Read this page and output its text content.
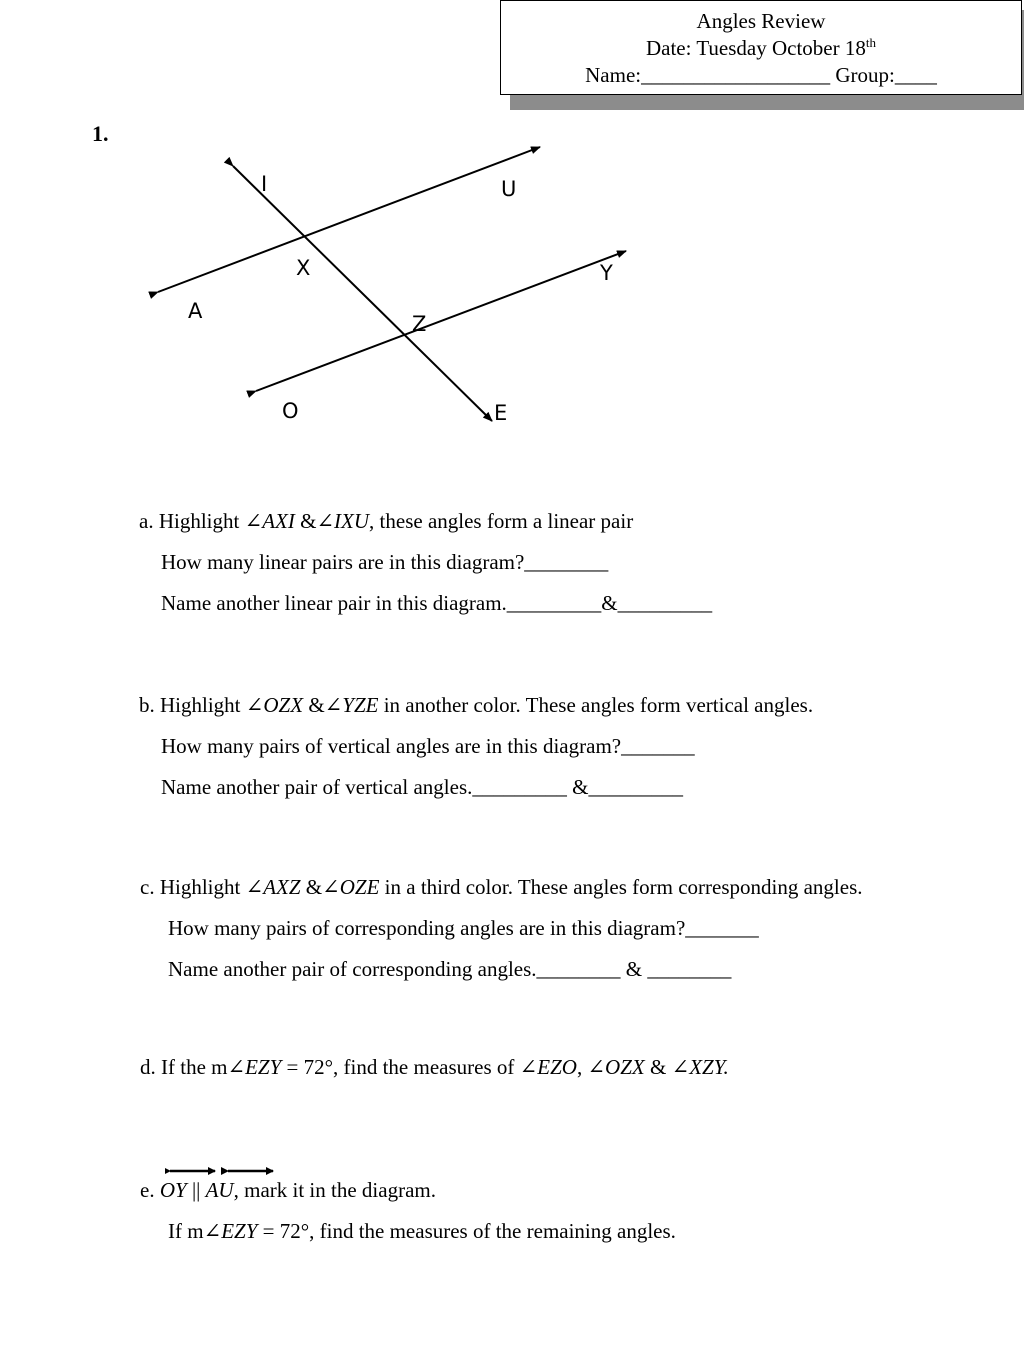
Angles Review
Date: Tuesday October 18th
Name:__________________ Group:____
1.
I	U
X	Y
A
Z
O	E
a. Highlight ∠AXI &∠IXU, these angles form a linear pair
How many linear pairs are in this diagram?________
Name another linear pair in this diagram._________&_________
b. Highlight ∠OZX &∠YZE in another color. These angles form vertical angles.
How many pairs of vertical angles are in this diagram?_______
Name another pair of vertical angles._________ &_________
c. Highlight ∠AXZ &∠OZE in a third color. These angles form corresponding angles.
How many pairs of corresponding angles are in this diagram?_______
Name another pair of corresponding angles.________ & ________
d. If the m∠EZY = 72°, find the measures of ∠EZO, ∠OZX & ∠XZY.
e. OY || AU, mark it in the diagram.
If m∠EZY = 72°, find the measures of the remaining angles.
